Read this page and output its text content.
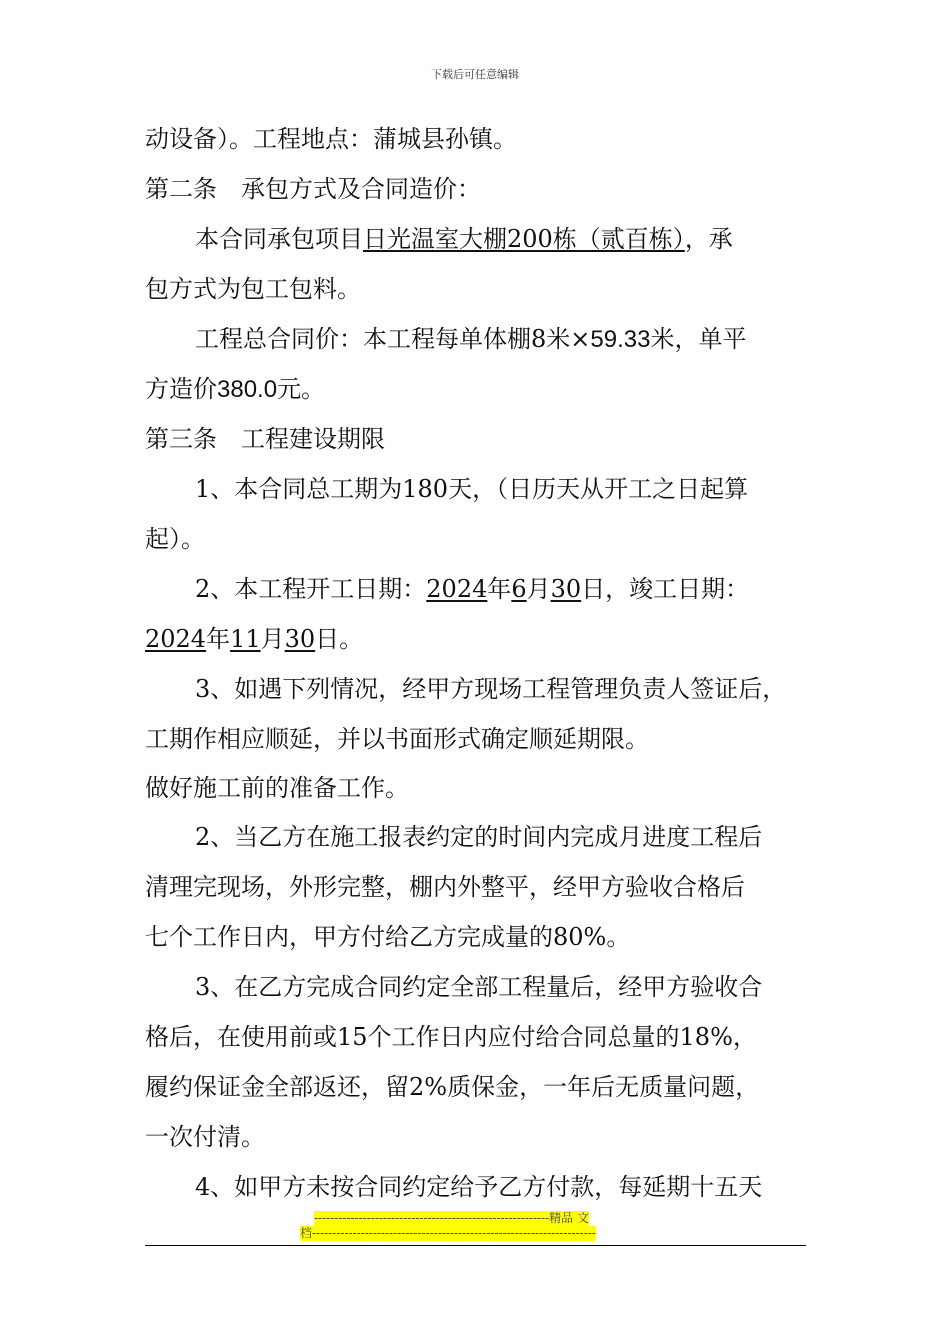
下载后可任意编辑
动设备）。工程地点：蒲城县孙镇。
第二条　承包方式及合同造价：
本合同承包项目日光温室大棚200栋（贰百栋），承
包方式为包工包料。
工程总合同价：本工程每单体棚8米×59.33米，单平
方造价380.0元。
第三条　工程建设期限
1、本合同总工期为180天，（日历天从开工之日起算
起）。
2、本工程开工日期：2024年6月30日，竣工日期：
2024年11月30日。
3、如遇下列情况，经甲方现场工程管理负责人签证后，
工期作相应顺延，并以书面形式确定顺延期限。
做好施工前的准备工作。
2、当乙方在施工报表约定的时间内完成月进度工程后
清理完现场，外形完整，棚内外整平，经甲方验收合格后
七个工作日内，甲方付给乙方完成量的80%。
3、在乙方完成合同约定全部工程量后，经甲方验收合
格后，在使用前或15个工作日内应付给合同总量的18%，
履约保证金全部返还，留2%质保金，一年后无质量问题，
一次付清。
4、如甲方未按合同约定给予乙方付款，每延期十五天
----------------------------------------------------------精品 文
档----------------------------------------------------------------------
